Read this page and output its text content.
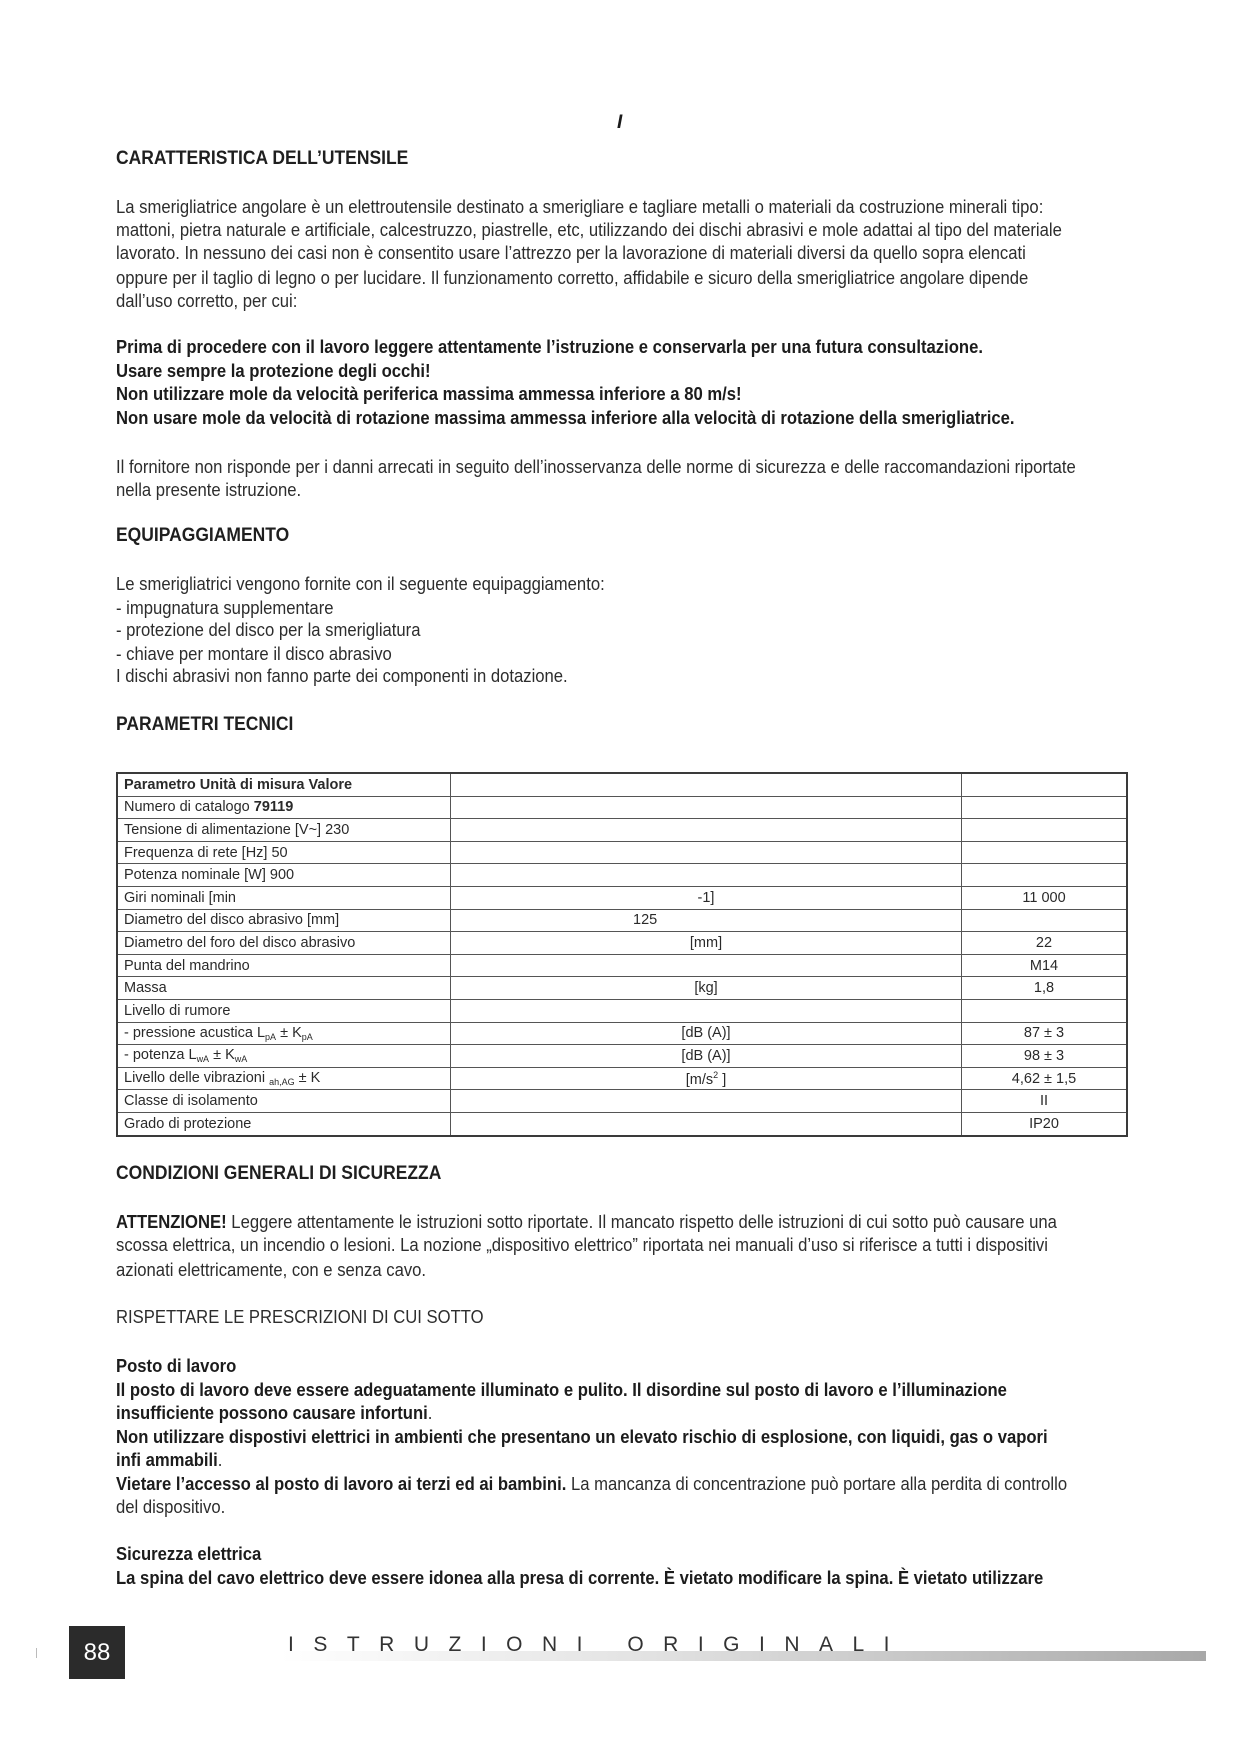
I
CARATTERISTICA DELL’UTENSILE
La smerigliatrice angolare è un elettroutensile destinato a smerigliare e tagliare metalli o materiali da costruzione minerali tipo:
mattoni, pietra naturale e artificiale, calcestruzzo, piastrelle, etc, utilizzando dei dischi abrasivi e mole adattai al tipo del materiale
lavorato. In nessuno dei casi non è consentito usare l’attrezzo per la lavorazione di materiali diversi da quello sopra elencati
oppure per il taglio di legno o per lucidare. Il funzionamento corretto, affidabile e sicuro della smerigliatrice angolare dipende
dall’uso corretto, per cui:
Prima di procedere con il lavoro leggere attentamente l’istruzione e conservarla per una futura consultazione.
Usare sempre la protezione degli occhi!
Non utilizzare mole da velocità periferica massima ammessa inferiore a 80 m/s!
Non usare mole da velocità di rotazione massima ammessa inferiore alla velocità di rotazione della smerigliatrice.
Il fornitore non risponde per i danni arrecati in seguito dell’inosservanza delle norme di sicurezza e delle raccomandazioni riportate
nella presente istruzione.
EQUIPAGGIAMENTO
Le smerigliatrici vengono fornite con il seguente equipaggiamento:
- impugnatura supplementare
- protezione del disco per la smerigliatura
- chiave per montare il disco abrasivo
I dischi abrasivi non fanno parte dei componenti in dotazione.
PARAMETRI TECNICI
Parametro Unità di misura Valore		
Numero di catalogo 79119		
Tensione di alimentazione [V~] 230		
Frequenza di rete [Hz] 50		
Potenza nominale [W] 900		
Giri nominali [min	-1]	11 000
Diametro del disco abrasivo [mm]	125	
Diametro del foro del disco abrasivo	[mm]	22
Punta del mandrino		M14
Massa	[kg]	1,8
Livello di rumore		
- pressione acustica $L_{pA} \pm K_{pA}$	[dB (A)]	87 ± 3
- potenza $L_{wA} \pm K_{wA}$	[dB (A)]	98 ± 3
Livello delle vibrazioni $_{ah,AG}$ ± K	[$m/s^2$ ]	4,62 ± 1,5
Classe di isolamento		II
Grado di protezione		IP20
CONDIZIONI GENERALI DI SICUREZZA
ATTENZIONE! Leggere attentamente le istruzioni sotto riportate. Il mancato rispetto delle istruzioni di cui sotto può causare una
scossa elettrica, un incendio o lesioni. La nozione „dispositivo elettrico” riportata nei manuali d’uso si riferisce a tutti i dispositivi
azionati elettricamente, con e senza cavo.
RISPETTARE LE PRESCRIZIONI DI CUI SOTTO
Posto di lavoro
Il posto di lavoro deve essere adeguatamente illuminato e pulito. Il disordine sul posto di lavoro e l’illuminazione
insufficiente possono causare infortuni.
Non utilizzare dispostivi elettrici in ambienti che presentano un elevato rischio di esplosione, con liquidi, gas o vapori
infi ammabili.
Vietare l’accesso al posto di lavoro ai terzi ed ai bambini. La mancanza di concentrazione può portare alla perdita di controllo
del dispositivo.
Sicurezza elettrica
La spina del cavo elettrico deve essere idonea alla presa di corrente. È vietato modificare la spina. È vietato utilizzare
88	ISTRUZIONI ORIGINALI
